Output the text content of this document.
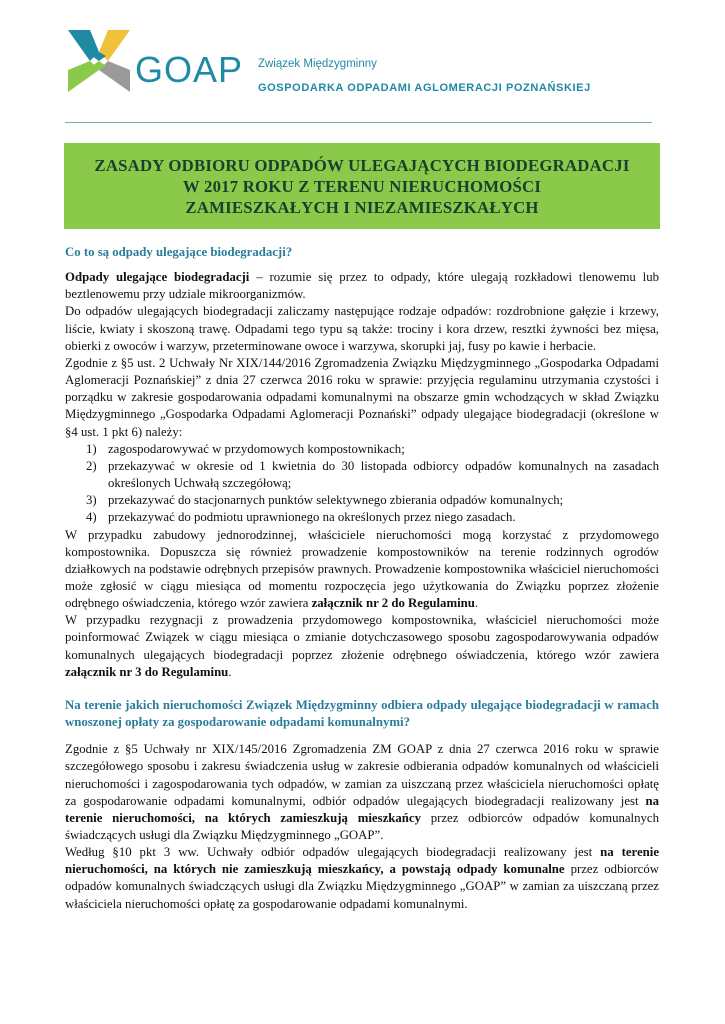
GOAP Związek Międzygminny
GOSPODARKA ODPADAMI AGLOMERACJI POZNAŃSKIEJ
ZASADY ODBIORU ODPADÓW ULEGAJĄCYCH BIODEGRADACJI
W 2017 ROKU Z TERENU NIERUCHOMOŚCI
ZAMIESZKAŁYCH I NIEZAMIESZKAŁYCH
Co to są odpady ulegające biodegradacji?

Odpady ulegające biodegradacji – rozumie się przez to odpady, które ulegają rozkładowi tlenowemu lub beztlenowemu przy udziale mikroorganizmów.

Do odpadów ulegających biodegradacji zaliczamy następujące rodzaje odpadów: rozdrobnione gałęzie i krzewy, liście, kwiaty i skoszoną trawę. Odpadami tego typu są także: trociny i kora drzew, resztki żywności bez mięsa, obierki z owoców i warzyw, przeterminowane owoce i warzywa, skorupki jaj, fusy po kawie i herbacie.

Zgodnie z §5 ust. 2 Uchwały Nr XIX/144/2016 Zgromadzenia Związku Międzygminnego „Gospodarka Odpadami Aglomeracji Poznańskiej” z dnia 27 czerwca 2016 roku w sprawie: przyjęcia regulaminu utrzymania czystości i porządku w zakresie gospodarowania odpadami komunalnymi na obszarze gmin wchodzących w skład Związku Międzygminnego „Gospodarka Odpadami Aglomeracji Poznański” odpady ulegające biodegradacji (określone w §4 ust. 1 pkt 6) należy:

1) zagospodarowywać w przydomowych kompostownikach;
2) przekazywać w okresie od 1 kwietnia do 30 listopada odbiorcy odpadów komunalnych na zasadach określonych Uchwałą szczegółową;
3) przekazywać do stacjonarnych punktów selektywnego zbierania odpadów komunalnych;
4) przekazywać do podmiotu uprawnionego na określonych przez niego zasadach.

W przypadku zabudowy jednorodzinnej, właściciele nieruchomości mogą korzystać z przydomowego kompostownika. Dopuszcza się również prowadzenie kompostowników na terenie rodzinnych ogrodów działkowych na podstawie odrębnych przepisów prawnych. Prowadzenie kompostownika właściciel nieruchomości może zgłosić w ciągu miesiąca od momentu rozpoczęcia jego użytkowania do Związku poprzez złożenie odrębnego oświadczenia, którego wzór zawiera załącznik nr 2 do Regulaminu.

W przypadku rezygnacji z prowadzenia przydomowego kompostownika, właściciel nieruchomości może poinformować Związek w ciągu miesiąca o zmianie dotychczasowego sposobu zagospodarowywania odpadów komunalnych ulegających biodegradacji poprzez złożenie odrębnego oświadczenia, którego wzór zawiera załącznik nr 3 do Regulaminu.

Na terenie jakich nieruchomości Związek Międzygminny odbiera odpady ulegające biodegradacji w ramach wnoszonej opłaty za gospodarowanie odpadami komunalnymi?

Zgodnie z §5 Uchwały nr XIX/145/2016 Zgromadzenia ZM GOAP z dnia 27 czerwca 2016 roku w sprawie szczegółowego sposobu i zakresu świadczenia usług w zakresie odbierania odpadów komunalnych od właścicieli nieruchomości i zagospodarowania tych odpadów, w zamian za uiszczaną przez właściciela nieruchomości opłatę za gospodarowanie odpadami komunalnymi, odbiór odpadów ulegających biodegradacji realizowany jest na terenie nieruchomości, na których zamieszkują mieszkańcy przez odbiorców odpadów komunalnych świadczących usługi dla Związku Międzygminnego „GOAP”.

Według §10 pkt 3 ww. Uchwały odbiór odpadów ulegających biodegradacji realizowany jest na terenie nieruchomości, na których nie zamieszkują mieszkańcy, a powstają odpady komunalne przez odbiorców odpadów komunalnych świadczących usługi dla Związku Międzygminnego „GOAP” w zamian za uiszczaną przez właściciela nieruchomości opłatę za gospodarowanie odpadami komunalnymi.
